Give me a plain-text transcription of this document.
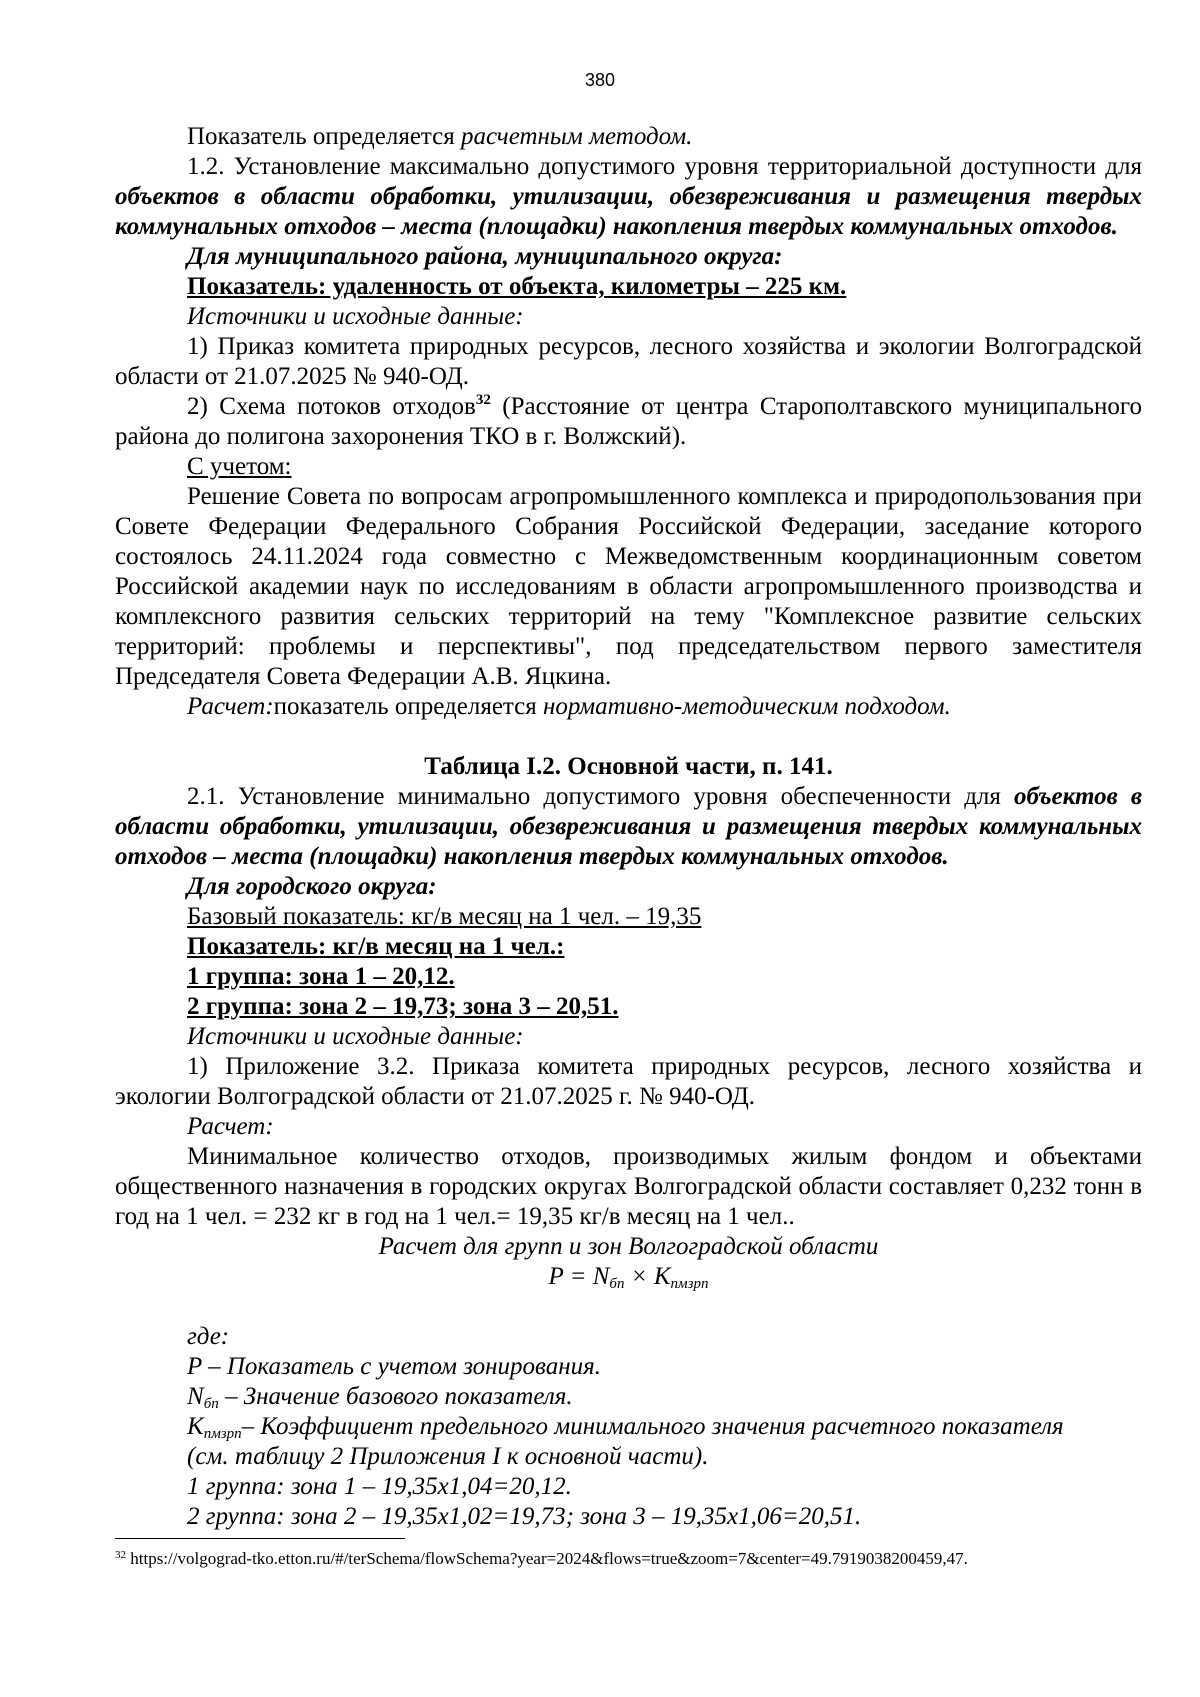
380

Показатель определяется расчетным методом.

1.2. Установление максимально допустимого уровня территориальной доступности для объектов в области обработки, утилизации, обезвреживания и размещения твердых коммунальных отходов – места (площадки) накопления твердых коммунальных отходов.

Для муниципального района, муниципального округа:

Показатель: удаленность от объекта, километры – 225 км.

Источники и исходные данные:

1) Приказ комитета природных ресурсов, лесного хозяйства и экологии Волгоградской области от 21.07.2025 № 940-ОД.

2) Схема потоков отходов$^{32}$ (Расстояние от центра Старополтавского муниципального района до полигона захоронения ТКО в г. Волжский).

С учетом:

Решение Совета по вопросам агропромышленного комплекса и природопользования при Совете Федерации Федерального Собрания Российской Федерации, заседание которого состоялось 24.11.2024 года совместно с Межведомственным координационным советом Российской академии наук по исследованиям в области агропромышленного производства и комплексного развития сельских территорий на тему "Комплексное развитие сельских территорий: проблемы и перспективы", под председательством первого заместителя Председателя Совета Федерации А.В. Яцкина.

Расчет:показатель определяется нормативно-методическим подходом.

Таблица I.2. Основной части, п. 141.

2.1. Установление минимально допустимого уровня обеспеченности для объектов в области обработки, утилизации, обезвреживания и размещения твердых коммунальных отходов – места (площадки) накопления твердых коммунальных отходов.

Для городского округа:

Базовый показатель: кг/в месяц на 1 чел. – 19,35

Показатель: кг/в месяц на 1 чел.:

1 группа: зона 1 – 20,12.

2 группа: зона 2 – 19,73; зона 3 – 20,51.

Источники и исходные данные:

1) Приложение 3.2. Приказа комитета природных ресурсов, лесного хозяйства и экологии Волгоградской области от 21.07.2025 г. № 940-ОД.

Расчет:

Минимальное количество отходов, производимых жилым фондом и объектами общественного назначения в городских округах Волгоградской области составляет 0,232 тонн в год на 1 чел. = 232 кг в год на 1 чел.= 19,35 кг/в месяц на 1 чел..

Расчет для групп и зон Волгоградской области

$P = N_{бп} \times K_{пмзрп}$

где:

P – Показатель с учетом зонирования.

$N_{бп}$ – Значение базового показателя.

$K_{пмзрп}-$ Коэффициент предельного минимального значения расчетного показателя

(см. таблицу 2 Приложения I к основной части).

1 группа: зона 1 – 19,35х1,04=20,12.

2 группа: зона 2 – 19,35х1,02=19,73; зона 3 – 19,35х1,06=20,51.

$^{32}$ https://volgograd-tko.etton.ru/#/terSchema/flowSchema?year=2024&flows=true&zoom=7&center=49.7919038200459,47.
